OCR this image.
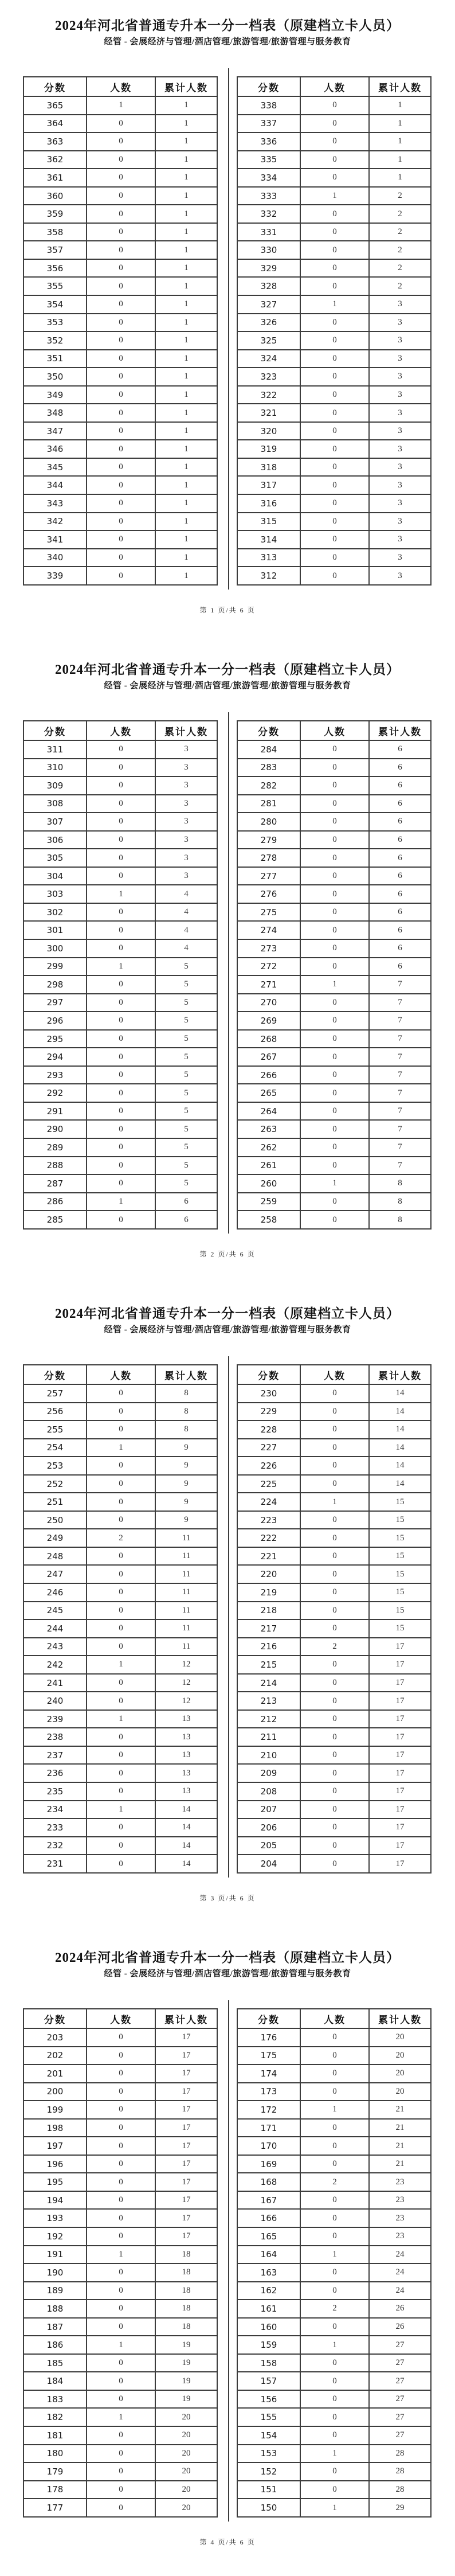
2024年河北省普通专升本一分一档表（原建档立卡人员）
经管 - 会展经济与管理/酒店管理/旅游管理/旅游管理与服务教育
分数	人数	累计人数
365	1	1
364	0	1
363	0	1
362	0	1
361	0	1
360	0	1
359	0	1
358	0	1
357	0	1
356	0	1
355	0	1
354	0	1
353	0	1
352	0	1
351	0	1
350	0	1
349	0	1
348	0	1
347	0	1
346	0	1
345	0	1
344	0	1
343	0	1
342	0	1
341	0	1
340	0	1
339	0	1
分数	人数	累计人数
338	0	1
337	0	1
336	0	1
335	0	1
334	0	1
333	1	2
332	0	2
331	0	2
330	0	2
329	0	2
328	0	2
327	1	3
326	0	3
325	0	3
324	0	3
323	0	3
322	0	3
321	0	3
320	0	3
319	0	3
318	0	3
317	0	3
316	0	3
315	0	3
314	0	3
313	0	3
312	0	3
第 1 页/共 6 页
2024年河北省普通专升本一分一档表（原建档立卡人员）
经管 - 会展经济与管理/酒店管理/旅游管理/旅游管理与服务教育
分数	人数	累计人数
311	0	3
310	0	3
309	0	3
308	0	3
307	0	3
306	0	3
305	0	3
304	0	3
303	1	4
302	0	4
301	0	4
300	0	4
299	1	5
298	0	5
297	0	5
296	0	5
295	0	5
294	0	5
293	0	5
292	0	5
291	0	5
290	0	5
289	0	5
288	0	5
287	0	5
286	1	6
285	0	6
分数	人数	累计人数
284	0	6
283	0	6
282	0	6
281	0	6
280	0	6
279	0	6
278	0	6
277	0	6
276	0	6
275	0	6
274	0	6
273	0	6
272	0	6
271	1	7
270	0	7
269	0	7
268	0	7
267	0	7
266	0	7
265	0	7
264	0	7
263	0	7
262	0	7
261	0	7
260	1	8
259	0	8
258	0	8
第 2 页/共 6 页
2024年河北省普通专升本一分一档表（原建档立卡人员）
经管 - 会展经济与管理/酒店管理/旅游管理/旅游管理与服务教育
分数	人数	累计人数
257	0	8
256	0	8
255	0	8
254	1	9
253	0	9
252	0	9
251	0	9
250	0	9
249	2	11
248	0	11
247	0	11
246	0	11
245	0	11
244	0	11
243	0	11
242	1	12
241	0	12
240	0	12
239	1	13
238	0	13
237	0	13
236	0	13
235	0	13
234	1	14
233	0	14
232	0	14
231	0	14
分数	人数	累计人数
230	0	14
229	0	14
228	0	14
227	0	14
226	0	14
225	0	14
224	1	15
223	0	15
222	0	15
221	0	15
220	0	15
219	0	15
218	0	15
217	0	15
216	2	17
215	0	17
214	0	17
213	0	17
212	0	17
211	0	17
210	0	17
209	0	17
208	0	17
207	0	17
206	0	17
205	0	17
204	0	17
第 3 页/共 6 页
2024年河北省普通专升本一分一档表（原建档立卡人员）
经管 - 会展经济与管理/酒店管理/旅游管理/旅游管理与服务教育
分数	人数	累计人数
203	0	17
202	0	17
201	0	17
200	0	17
199	0	17
198	0	17
197	0	17
196	0	17
195	0	17
194	0	17
193	0	17
192	0	17
191	1	18
190	0	18
189	0	18
188	0	18
187	0	18
186	1	19
185	0	19
184	0	19
183	0	19
182	1	20
181	0	20
180	0	20
179	0	20
178	0	20
177	0	20
分数	人数	累计人数
176	0	20
175	0	20
174	0	20
173	0	20
172	1	21
171	0	21
170	0	21
169	0	21
168	2	23
167	0	23
166	0	23
165	0	23
164	1	24
163	0	24
162	0	24
161	2	26
160	0	26
159	1	27
158	0	27
157	0	27
156	0	27
155	0	27
154	0	27
153	1	28
152	0	28
151	0	28
150	1	29
第 4 页/共 6 页
